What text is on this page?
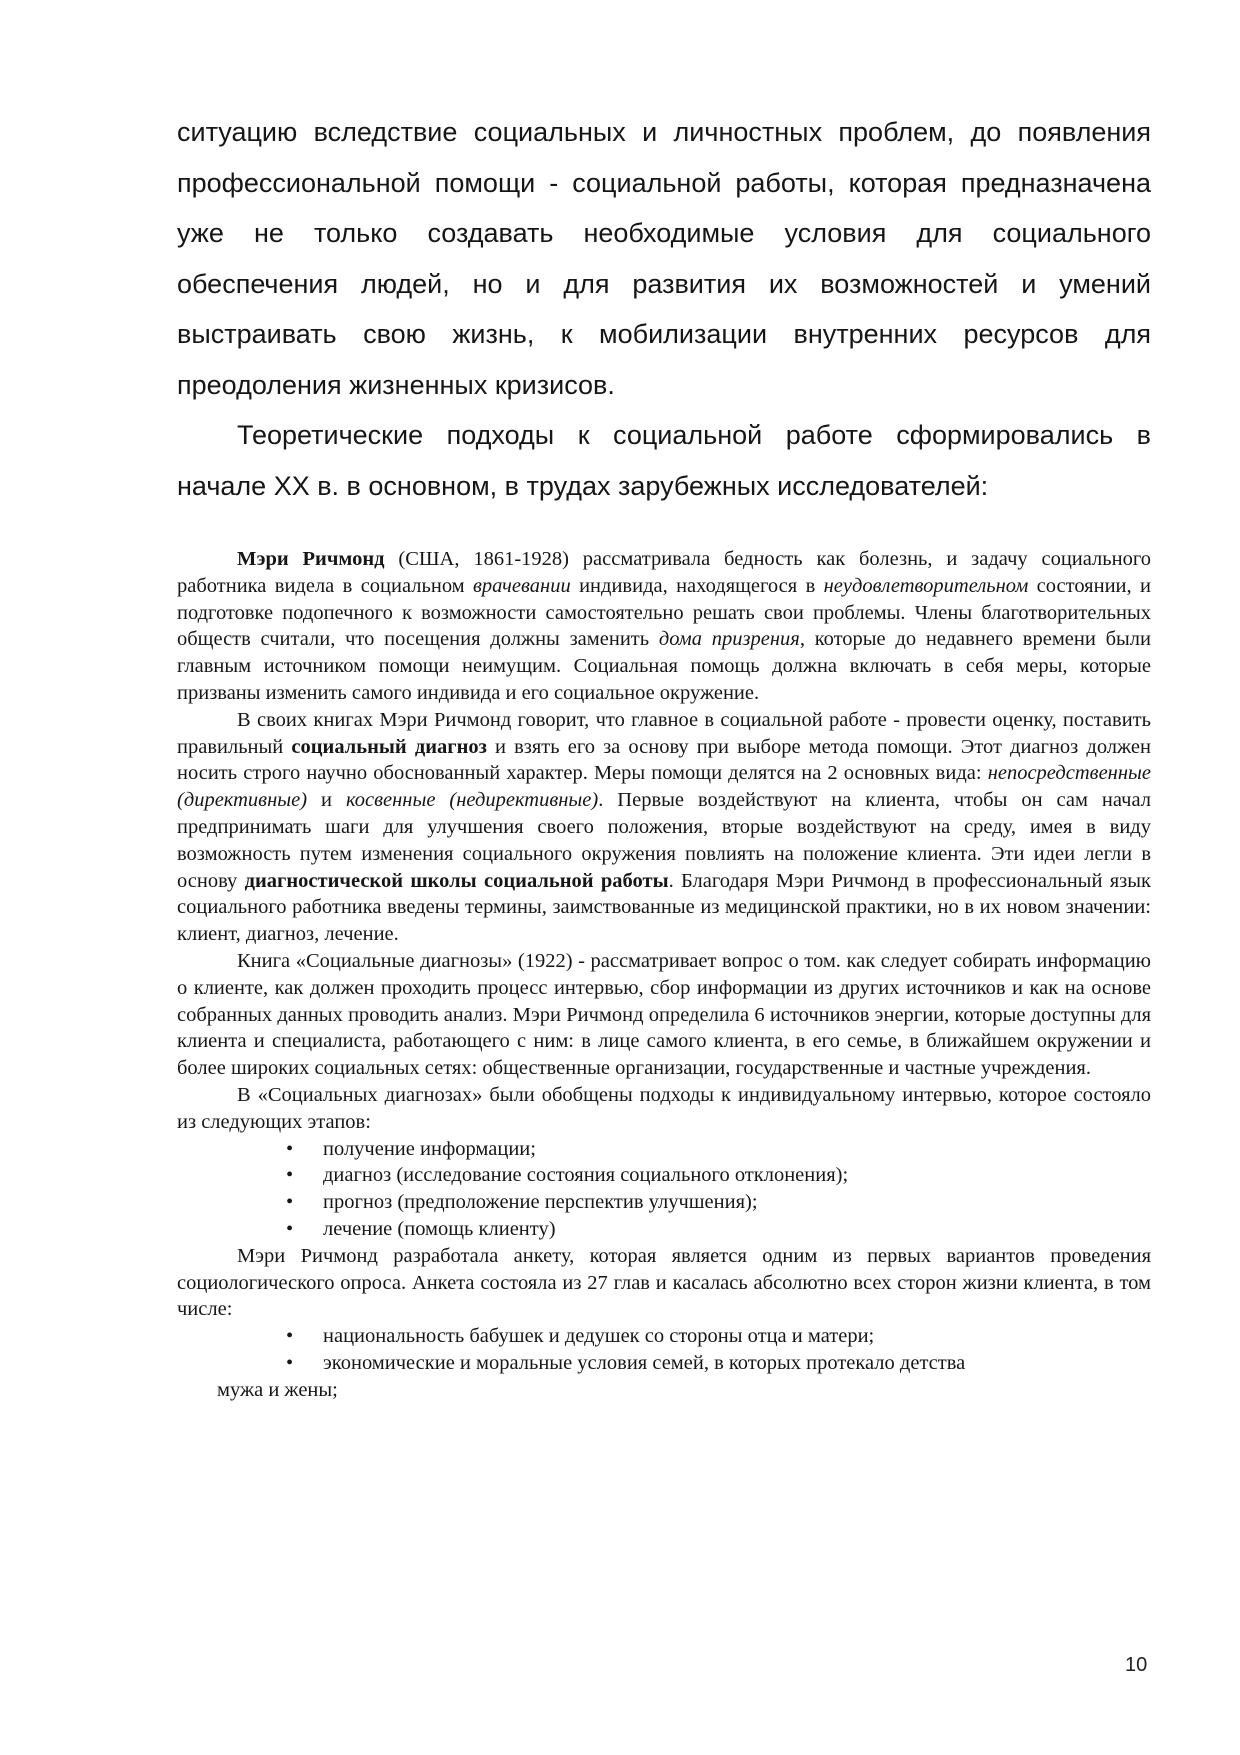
ситуацию вследствие социальных и личностных проблем, до появления профессиональной помощи - социальной работы, которая предназначена уже не только создавать необходимые условия для социального обеспечения людей, но и для развития их возможностей и умений выстраивать свою жизнь, к мобилизации внутренних ресурсов для преодоления жизненных кризисов.

Теоретические подходы к социальной работе сформировались в начале XX в. в основном, в трудах зарубежных исследователей:

Мэри Ричмонд (США, 1861-1928) рассматривала бедность как болезнь, и задачу социального работника видела в социальном врачевании индивида, находящегося в неудовлетворительном состоянии, и подготовке подопечного к возможности самостоятельно решать свои проблемы. Члены благотворительных обществ считали, что посещения должны заменить дома призрения, которые до недавнего времени были главным источником помощи неимущим. Социальная помощь должна включать в себя меры, которые призваны изменить самого индивида и его социальное окружение.

В своих книгах Мэри Ричмонд говорит, что главное в социальной работе - провести оценку, поставить правильный социальный диагноз и взять его за основу при выборе метода помощи. Этот диагноз должен носить строго научно обоснованный характер. Меры помощи делятся на 2 основных вида: непосредственные (директивные) и косвенные (недирективные). Первые воздействуют на клиента, чтобы он сам начал предпринимать шаги для улучшения своего положения, вторые воздействуют на среду, имея в виду возможность путем изменения социального окружения повлиять на положение клиента. Эти идеи легли в основу диагностической школы социальной работы. Благодаря Мэри Ричмонд в профессиональный язык социального работника введены термины, заимствованные из медицинской практики, но в их новом значении: клиент, диагноз, лечение.

Книга «Социальные диагнозы» (1922) - рассматривает вопрос о том. как следует собирать информацию о клиенте, как должен проходить процесс интервью, сбор информации из других источников и как на основе собранных данных проводить анализ. Мэри Ричмонд определила 6 источников энергии, которые доступны для клиента и специалиста, работающего с ним: в лице самого клиента, в его семье, в ближайшем окружении и более широких социальных сетях: общественные организации, государственные и частные учреждения.

В «Социальных диагнозах» были обобщены подходы к индивидуальному интервью, которое состояло из следующих этапов:

• получение информации;
• диагноз (исследование состояния социального отклонения);
• прогноз (предположение перспектив улучшения);
• лечение (помощь клиенту)

Мэри Ричмонд разработала анкету, которая является одним из первых вариантов проведения социологического опроса. Анкета состояла из 27 глав и касалась абсолютно всех сторон жизни клиента, в том числе:

• национальность бабушек и дедушек со стороны отца и матери;
• экономические и моральные условия семей, в которых протекало детства
мужа и жены;
10
